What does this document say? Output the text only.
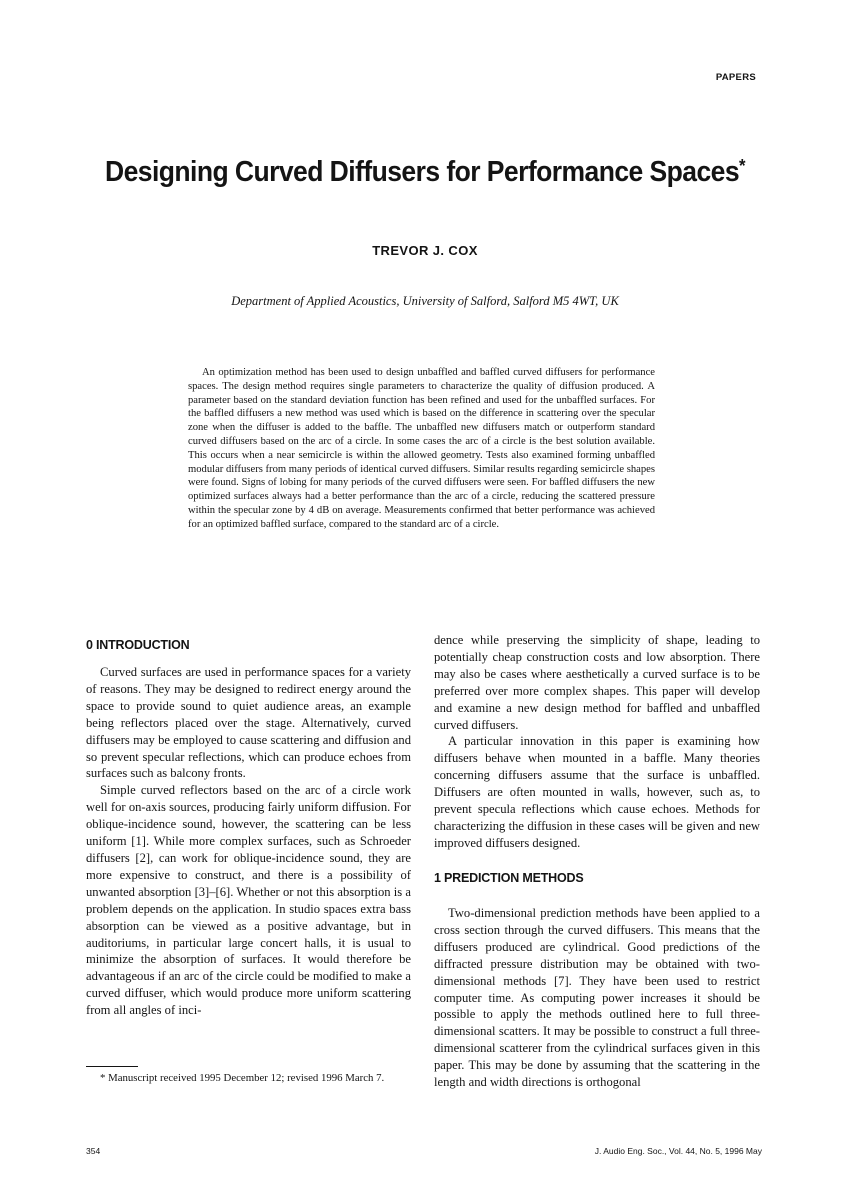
PAPERS
Designing Curved Diffusers for Performance Spaces*
TREVOR J. COX
Department of Applied Acoustics, University of Salford, Salford M5 4WT, UK
An optimization method has been used to design unbaffled and baffled curved diffusers for performance spaces. The design method requires single parameters to characterize the quality of diffusion produced. A parameter based on the standard deviation function has been refined and used for the unbaffled surfaces. For the baffled diffusers a new method was used which is based on the difference in scattering over the specular zone when the diffuser is added to the baffle. The unbaffled new diffusers match or outperform standard curved diffusers based on the arc of a circle. In some cases the arc of a circle is the best solution available. This occurs when a near semicircle is within the allowed geometry. Tests also examined forming unbaffled modular diffusers from many periods of identical curved diffusers. Similar results regarding semicircle shapes were found. Signs of lobing for many periods of the curved diffusers were seen. For baffled diffusers the new optimized surfaces always had a better performance than the arc of a circle, reducing the scattered pressure within the specular zone by 4 dB on average. Measurements confirmed that better performance was achieved for an optimized baffled surface, compared to the standard arc of a circle.
0 INTRODUCTION

Curved surfaces are used in performance spaces for a variety of reasons. They may be designed to redirect energy around the space to provide sound to quiet audience areas, an example being reflectors placed over the stage. Alternatively, curved diffusers may be employed to cause scattering and diffusion and so prevent specular reflections, which can produce echoes from surfaces such as balcony fronts.

Simple curved reflectors based on the arc of a circle work well for on-axis sources, producing fairly uniform diffusion. For oblique-incidence sound, however, the scattering can be less uniform [1]. While more complex surfaces, such as Schroeder diffusers [2], can work for oblique-incidence sound, they are more expensive to construct, and there is a possibility of unwanted absorption [3]–[6]. Whether or not this absorption is a problem depends on the application. In studio spaces extra bass absorption can be viewed as a positive advantage, but in auditoriums, in particular large concert halls, it is usual to minimize the absorption of surfaces. It would therefore be advantageous if an arc of the circle could be modified to make a curved diffuser, which would produce more uniform scattering from all angles of inci-

dence while preserving the simplicity of shape, leading to potentially cheap construction costs and low absorption. There may also be cases where aesthetically a curved surface is to be preferred over more complex shapes. This paper will develop and examine a new design method for baffled and unbaffled curved diffusers.

A particular innovation in this paper is examining how diffusers behave when mounted in a baffle. Many theories concerning diffusers assume that the surface is unbaffled. Diffusers are often mounted in walls, however, such as, to prevent specula reflections which cause echoes. Methods for characterizing the diffusion in these cases will be given and new improved diffusers designed.

1 PREDICTION METHODS

Two-dimensional prediction methods have been applied to a cross section through the curved diffusers. This means that the diffusers produced are cylindrical. Good predictions of the diffracted pressure distribution may be obtained with two-dimensional methods [7]. They have been used to restrict computer time. As computing power increases it should be possible to apply the methods outlined here to full three-dimensional scatters. It may be possible to construct a full three-dimensional scatterer from the cylindrical surfaces given in this paper. This may be done by assuming that the scattering in the length and width directions is orthogonal

* Manuscript received 1995 December 12; revised 1996 March 7.
354	J. Audio Eng. Soc., Vol. 44, No. 5, 1996 May
